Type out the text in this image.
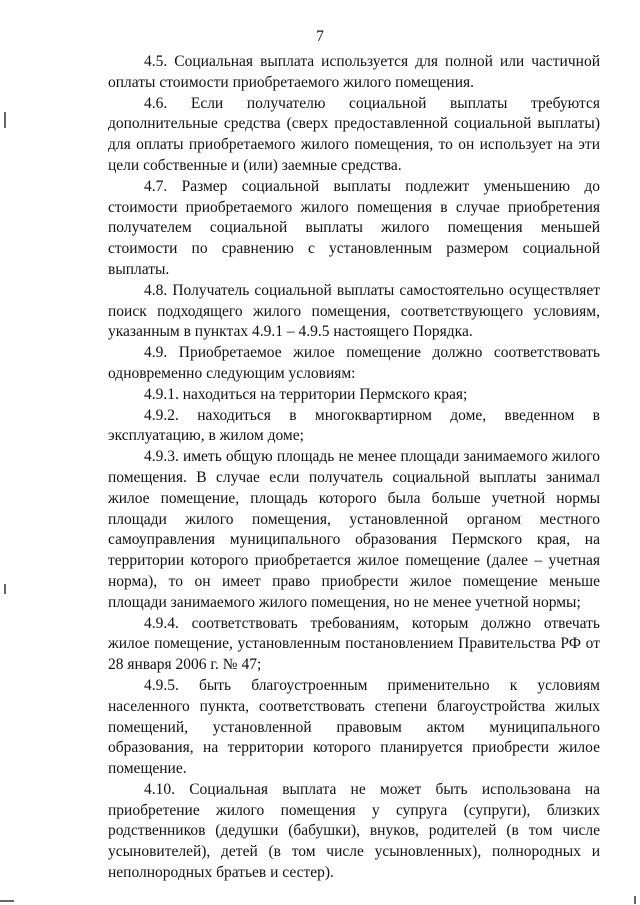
7

4.5. Социальная выплата используется для полной или частичной оплаты стоимости приобретаемого жилого помещения.

4.6. Если получателю социальной выплаты требуются дополнительные средства (сверх предоставленной социальной выплаты) для оплаты приобретаемого жилого помещения, то он использует на эти цели собственные и (или) заемные средства.

4.7. Размер социальной выплаты подлежит уменьшению до стоимости приобретаемого жилого помещения в случае приобретения получателем социальной выплаты жилого помещения меньшей стоимости по сравнению с установленным размером социальной выплаты.

4.8. Получатель социальной выплаты самостоятельно осуществляет поиск подходящего жилого помещения, соответствующего условиям, указанным в пунктах 4.9.1 – 4.9.5 настоящего Порядка.

4.9. Приобретаемое жилое помещение должно соответствовать одновременно следующим условиям:

4.9.1. находиться на территории Пермского края;

4.9.2. находиться в многоквартирном доме, введенном в эксплуатацию, в жилом доме;

4.9.3. иметь общую площадь не менее площади занимаемого жилого помещения. В случае если получатель социальной выплаты занимал жилое помещение, площадь которого была больше учетной нормы площади жилого помещения, установленной органом местного самоуправления муниципального образования Пермского края, на территории которого приобретается жилое помещение (далее – учетная норма), то он имеет право приобрести жилое помещение меньше площади занимаемого жилого помещения, но не менее учетной нормы;

4.9.4. соответствовать требованиям, которым должно отвечать жилое помещение, установленным постановлением Правительства РФ от 28 января 2006 г. № 47;

4.9.5. быть благоустроенным применительно к условиям населенного пункта, соответствовать степени благоустройства жилых помещений, установленной правовым актом муниципального образования, на территории которого планируется приобрести жилое помещение.

4.10. Социальная выплата не может быть использована на приобретение жилого помещения у супруга (супруги), близких родственников (дедушки (бабушки), внуков, родителей (в том числе усыновителей), детей (в том числе усыновленных), полнородных и неполнородных братьев и сестер).
